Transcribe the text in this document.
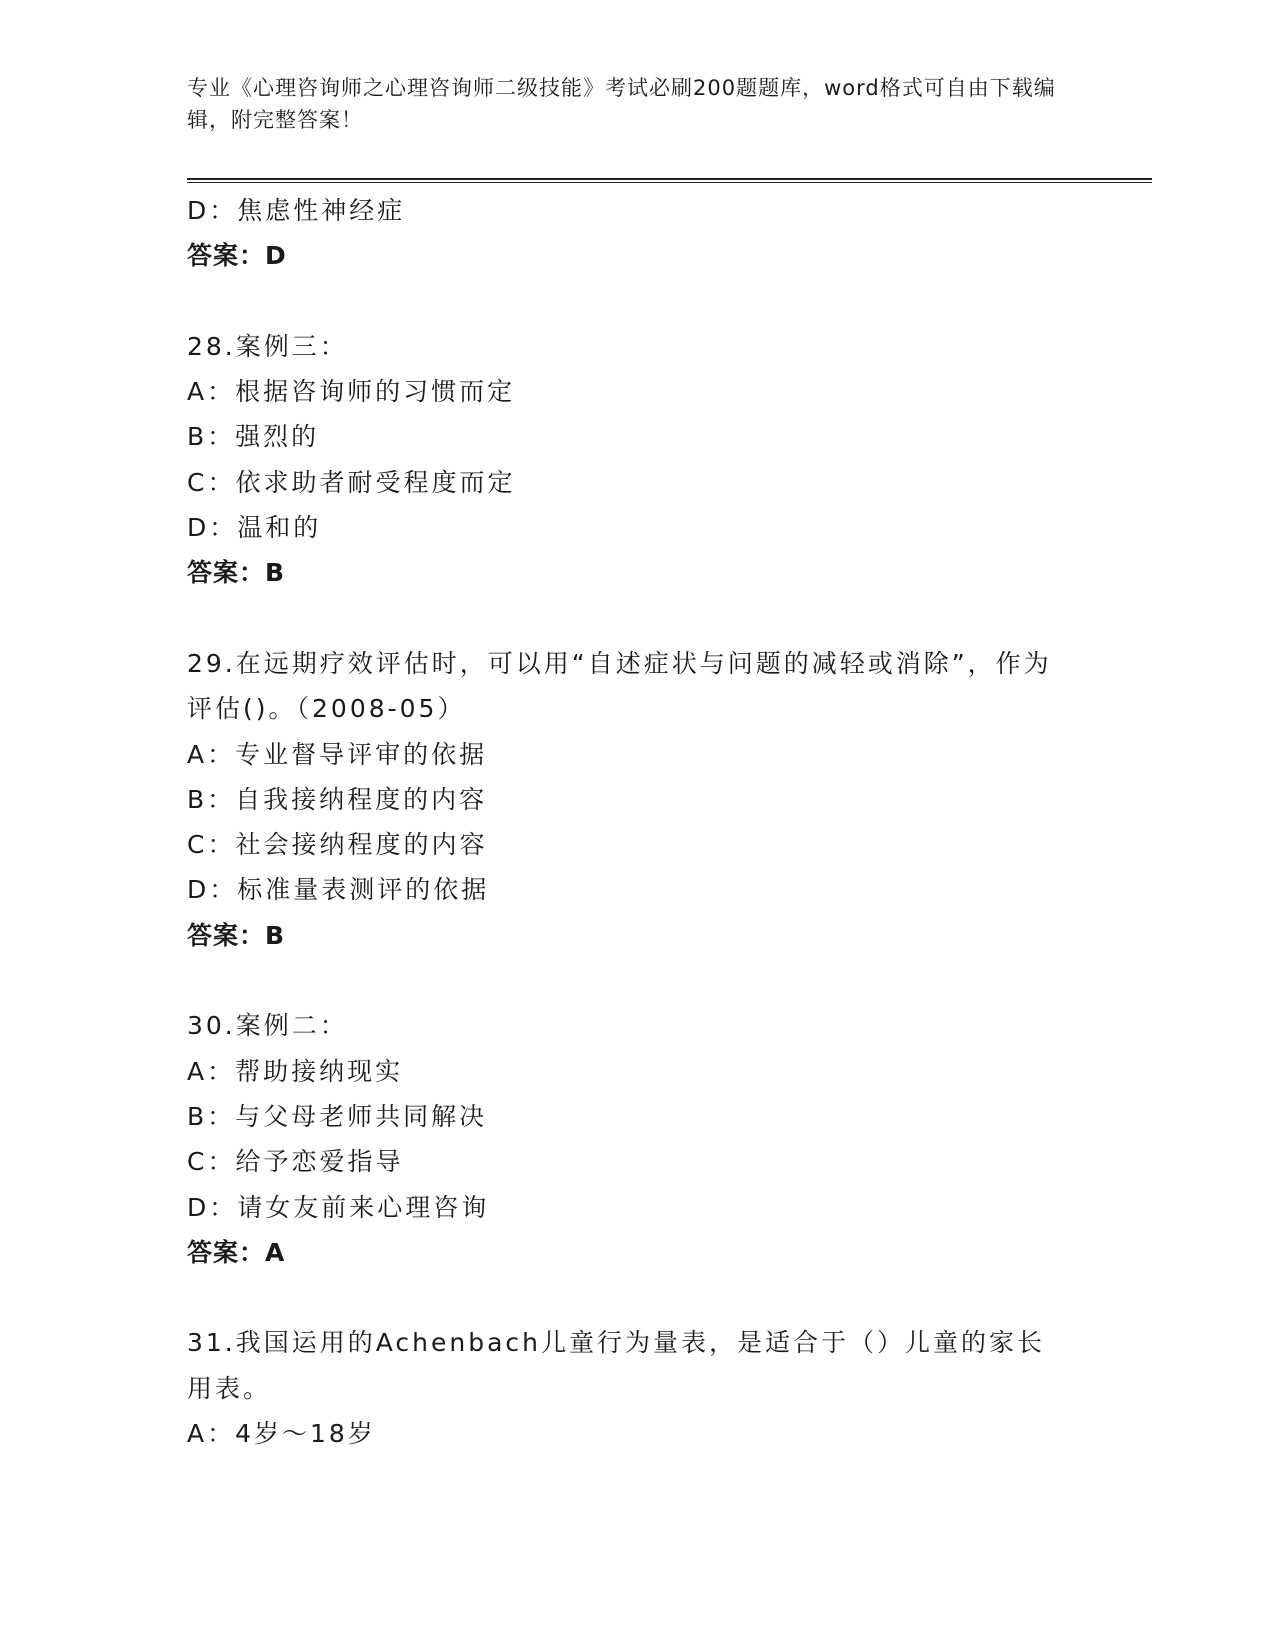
专业《心理咨询师之心理咨询师二级技能》考试必刷200题题库，word格式可自由下载编辑，附完整答案！
D：焦虑性神经症
答案：D
28.案例三：
A：根据咨询师的习惯而定
B：强烈的
C：依求助者耐受程度而定
D：温和的
答案：B
29.在远期疗效评估时，可以用“自述症状与问题的减轻或消除”，作为评估()。（2008-05）
A：专业督导评审的依据
B：自我接纳程度的内容
C：社会接纳程度的内容
D：标准量表测评的依据
答案：B
30.案例二：
A：帮助接纳现实
B：与父母老师共同解决
C：给予恋爱指导
D：请女友前来心理咨询
答案：A
31.我国运用的Achenbach儿童行为量表，是适合于（）儿童的家长用表。
A：4岁～18岁
